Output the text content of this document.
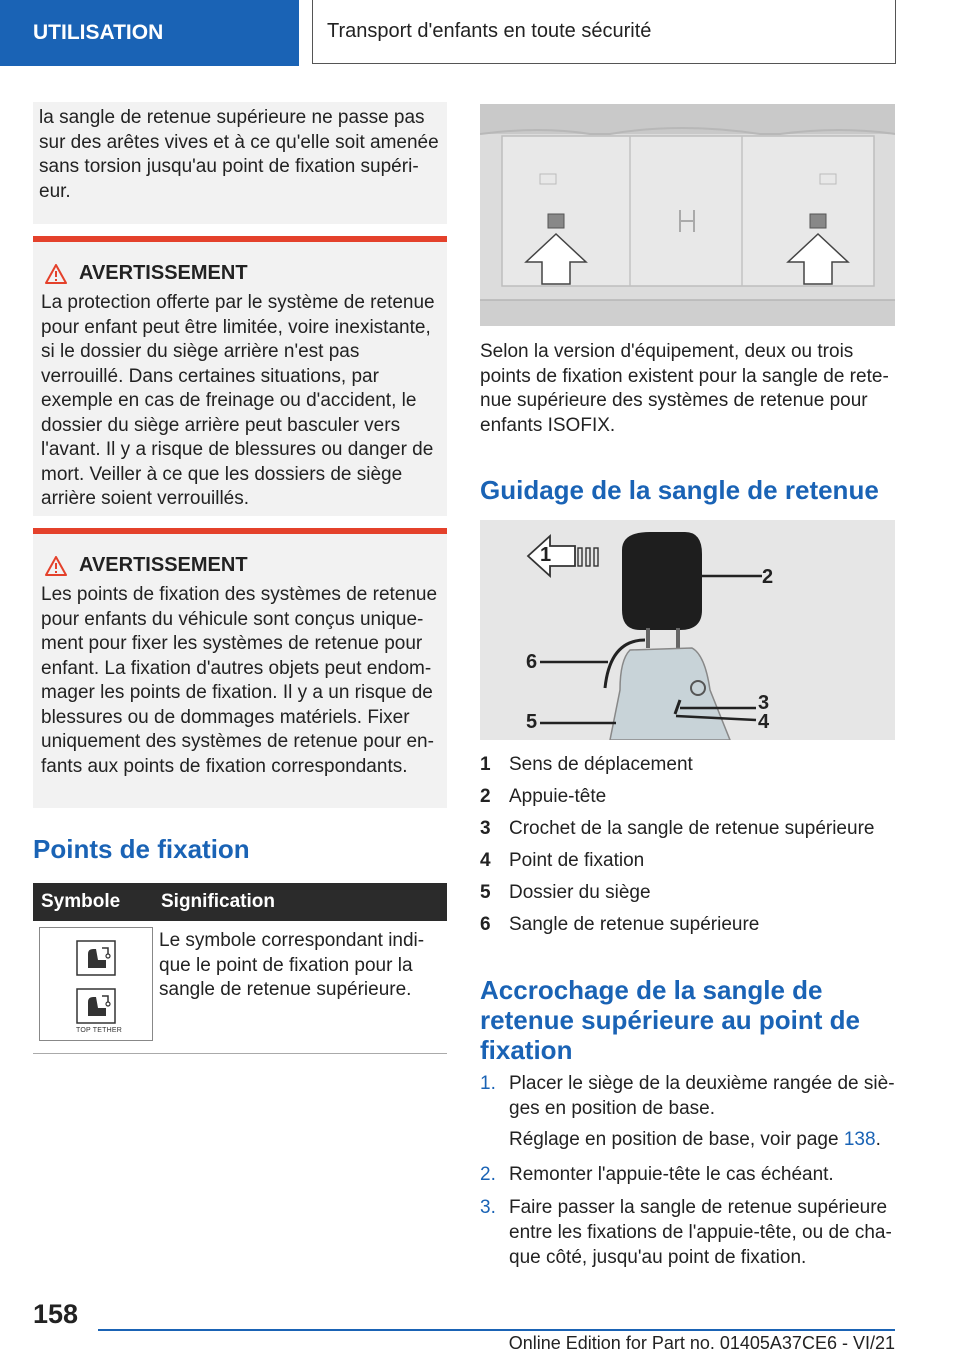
UTILISATION	Transport d'enfants en toute sécurité

la sangle de retenue supérieure ne passe pas sur des arêtes vives et à ce qu'elle soit amenée sans torsion jusqu'au point de fixation supérieur.

AVERTISSEMENT

La protection offerte par le système de retenue pour enfant peut être limitée, voire inexistante, si le dossier du siège arrière n'est pas verrouillé. Dans certaines situations, par exemple en cas de freinage ou d'accident, le dossier du siège arrière peut basculer vers l'avant. Il y a risque de blessures ou danger de mort. Veiller à ce que les dossiers de siège arrière soient verrouillés.

AVERTISSEMENT

Les points de fixation des systèmes de retenue pour enfants du véhicule sont conçus uniquement pour fixer les systèmes de retenue pour enfant. La fixation d'autres objets peut endommager les points de fixation. Il y a un risque de blessures ou de dommages matériels. Fixer uniquement des systèmes de retenue pour enfants aux points de fixation correspondants.

Points de fixation
Symbole	Signification

TOP TETHER	Le symbole correspondant indique le point de fixation pour la sangle de retenue supérieure.

Selon la version d'équipement, deux ou trois points de fixation existent pour la sangle de retenue supérieure des systèmes de retenue pour enfants ISOFIX.

Guidage de la sangle de retenue
1
2
3
4
5
6
1 Sens de déplacement
2 Appuie-tête
3 Crochet de la sangle de retenue supérieure
4 Point de fixation
5 Dossier du siège
6 Sangle de retenue supérieure
Accrochage de la sangle de retenue supérieure au point de fixation
1. Placer le siège de la deuxième rangée de sièges en position de base.
Réglage en position de base, voir page 138.
2. Remonter l'appuie-tête le cas échéant.
3. Faire passer la sangle de retenue supérieure entre les fixations de l'appuie-tête, ou de chaque côté, jusqu'au point de fixation.
158
Online Edition for Part no. 01405A37CE6 - VI/21
